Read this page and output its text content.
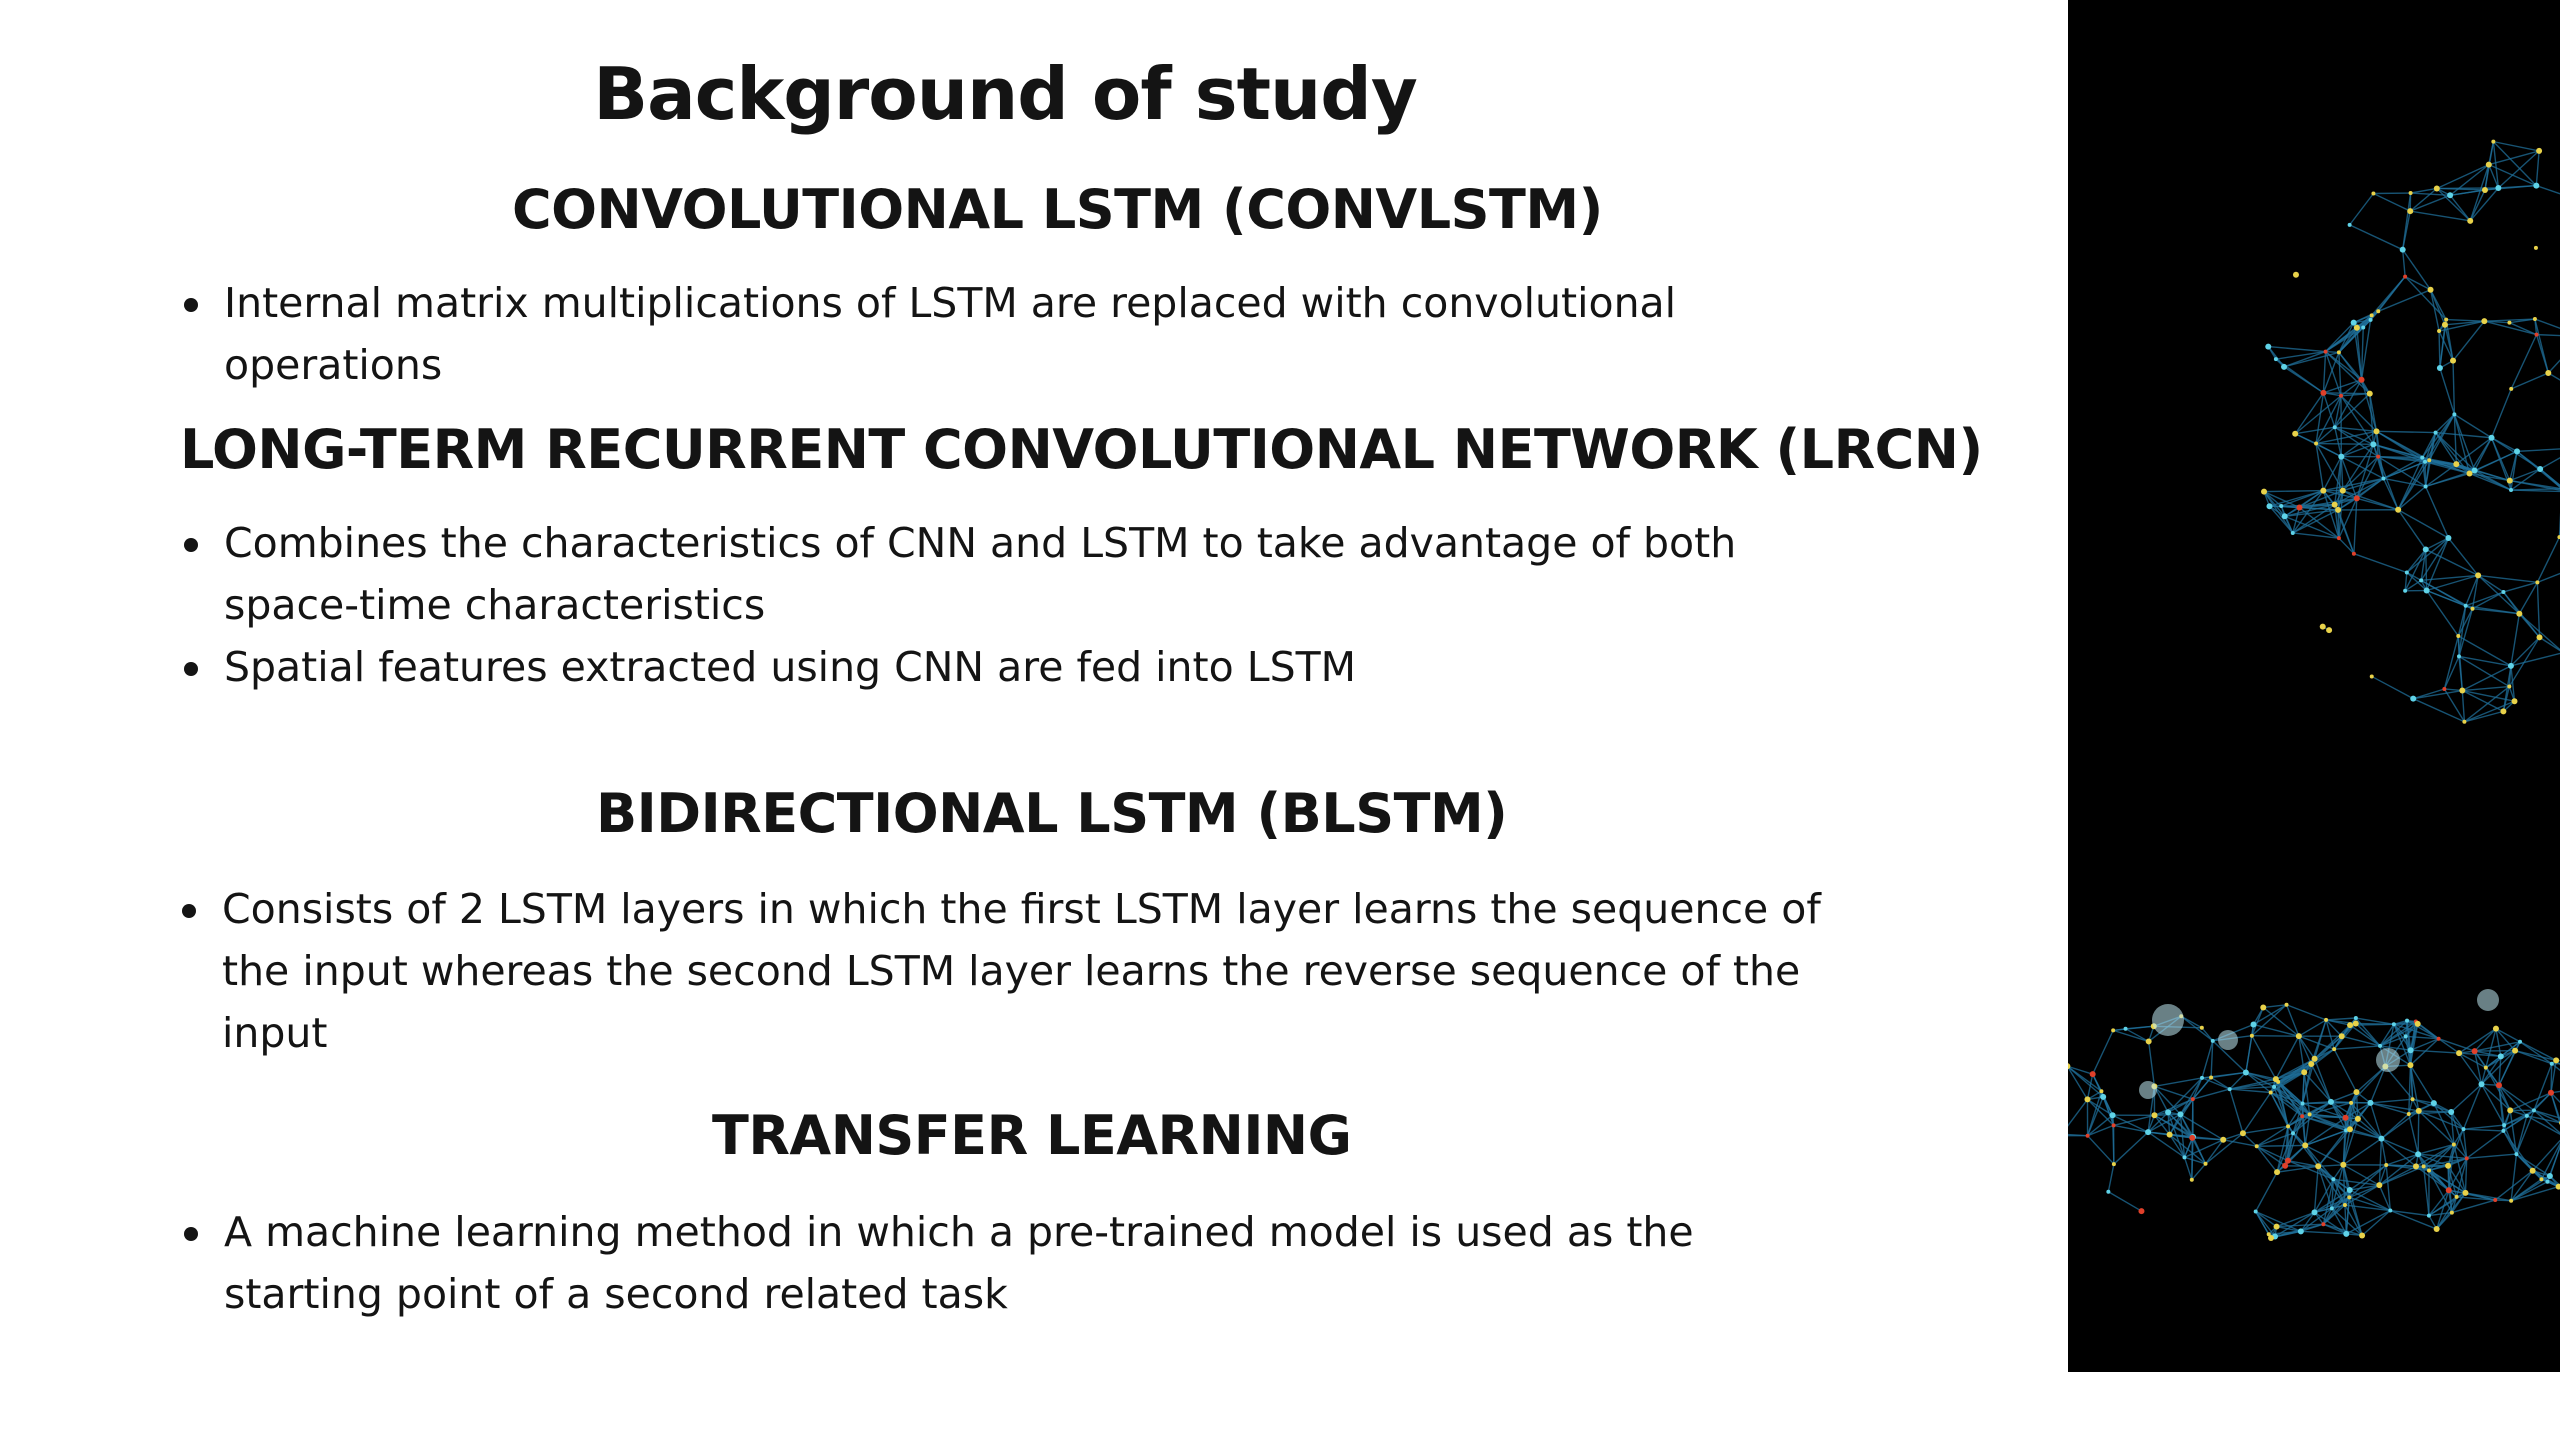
Background of study
CONVOLUTIONAL LSTM (CONVLSTM)
Internal matrix multiplications of LSTM are replaced with convolutional operations
LONG-TERM RECURRENT CONVOLUTIONAL NETWORK (LRCN)
Combines the characteristics of CNN and LSTM to take advantage of both space-time characteristics
Spatial features extracted using CNN are fed into LSTM
BIDIRECTIONAL LSTM (BLSTM)
Consists of 2 LSTM layers in which the first LSTM layer learns the sequence of the input whereas the second LSTM layer learns the reverse sequence of the input
TRANSFER LEARNING
A machine learning method in which a pre-trained model is used as the starting point of a second related task
